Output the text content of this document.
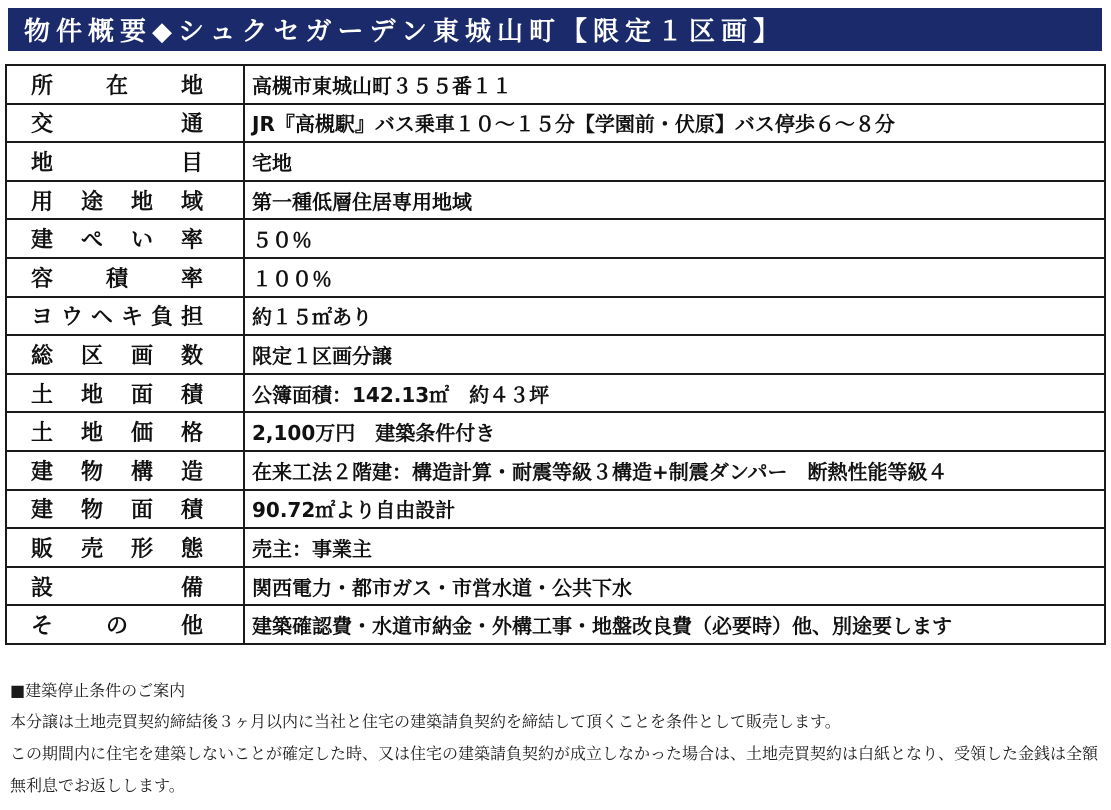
物件概要◆シュクセガーデン東城山町【限定１区画】
所在地	高槻市東城山町３５５番１１

交通	JR『高槻駅』バス乗車１０～１５分【学園前・伏原】バス停歩６～８分

地目	宅地

用途地域	第一種低層住居専用地域

建ぺい率	５０％

容積率	１００％

ヨウヘキ負担	約１５㎡あり

総区画数	限定１区画分譲

土地面積	公簿面積：142.13㎡　約４３坪

土地価格	2,100万円　建築条件付き

建物構造	在来工法２階建：構造計算・耐震等級３構造+制震ダンパー　断熱性能等級４

建物面積	90.72㎡より自由設計

販売形態	売主：事業主

設備	関西電力・都市ガス・市営水道・公共下水

その他	建築確認費・水道市納金・外構工事・地盤改良費（必要時）他、別途要します

■建築停止条件のご案内

本分譲は土地売買契約締結後３ヶ月以内に当社と住宅の建築請負契約を締結して頂くことを条件として販売します。

この期間内に住宅を建築しないことが確定した時、又は住宅の建築請負契約が成立しなかった場合は、土地売買契約は白紙となり、受領した金銭は全額無利息でお返しします。
